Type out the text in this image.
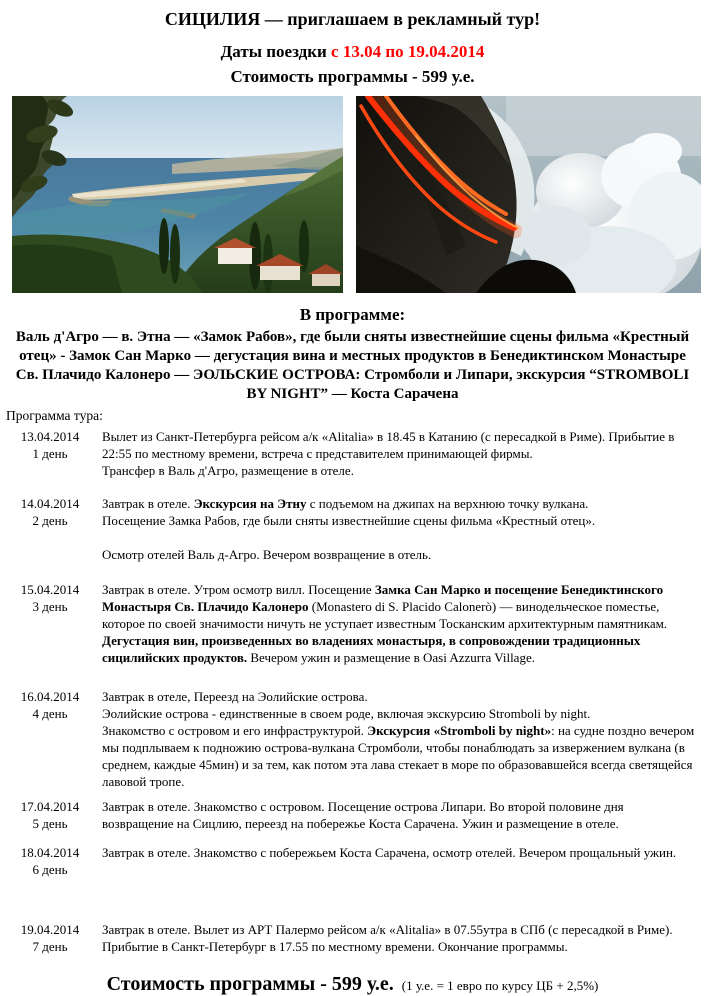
СИЦИЛИЯ — приглашаем в рекламный тур!
Даты поездки с 13.04 по 19.04.2014
Стоимость программы - 599 у.е.
В программе:
Валь д'Агро — в. Этна — «Замок Рабов», где были сняты известнейшие сцены фильма «Крестный отец» - Замок Сан Марко — дегустация вина и местных продуктов в Бенедиктинском Монастыре Св. Плачидо Калонеро — ЭОЛЬСКИЕ ОСТРОВА: Стромболи и Липари, экскурсия “STROMBOLI BY NIGHT” — Коста Сарачена
Программа тура:
13.04.2014
1 день
Вылет из Санкт-Петербурга рейсом а/к «Alitalia» в 18.45 в Катанию (с пересадкой в Риме). Прибытие в 22:55 по местному времени, встреча с представителем принимающей фирмы.
Трансфер в Валь д'Агро, размещение в отеле.
14.04.2014
2 день
Завтрак в отеле. Экскурсия на Этну с подъемом на джипах на верхнюю точку вулкана.
Посещение Замка Рабов, где были сняты известнейшие сцены фильма «Крестный отец».
Осмотр отелей Валь д-Агро. Вечером возвращение в отель.
15.04.2014
3 день
Завтрак в отеле. Утром осмотр вилл. Посещение Замка Сан Марко и посещение Бенедиктинского Монастыря Св. Плачидо Калонеро (Monastero di S. Placido Calonerò) — винодельческое поместье, которое по своей значимости ничуть не уступает известным Тосканским архитектурным памятникам. Дегустация вин, произведенных во владениях монастыря, в сопровождении традиционных сицилийских продуктов. Вечером ужин и размещение в Oasi Azzurra Village.
16.04.2014
4 день
Завтрак в отеле, Переезд на Эолийские острова.
Эолийские острова - единственные в своем роде, включая экскурсию Stromboli by night.
Знакомство с островом и его инфраструктурой. Экскурсия «Stromboli by night»: на судне поздно вечером мы подплываем к подножию острова-вулкана Стромболи, чтобы понаблюдать за извержением вулкана (в среднем, каждые 45мин) и за тем, как потом эта лава стекает в море по образовавшейся всегда светящейся лавовой тропе.
17.04.2014
5 день
Завтрак в отеле. Знакомство с островом. Посещение острова Липари. Во второй половине дня возвращение на Сицлию, переезд на побережье Коста Сарачена. Ужин и размещение в отеле.
18.04.2014
6 день
Завтрак в отеле. Знакомство с побережьем Коста Сарачена, осмотр отелей. Вечером прощальный ужин.
19.04.2014
7 день
Завтрак в отеле. Вылет из АРТ Палермо рейсом а/к «Alitalia» в 07.55утра в СПб (с пересадкой в Риме). Прибытие в Санкт-Петербург в 17.55 по местному времени. Окончание программы.
Стоимость программы - 599 у.е. (1 у.е. = 1 евро по курсу ЦБ + 2,5%)
